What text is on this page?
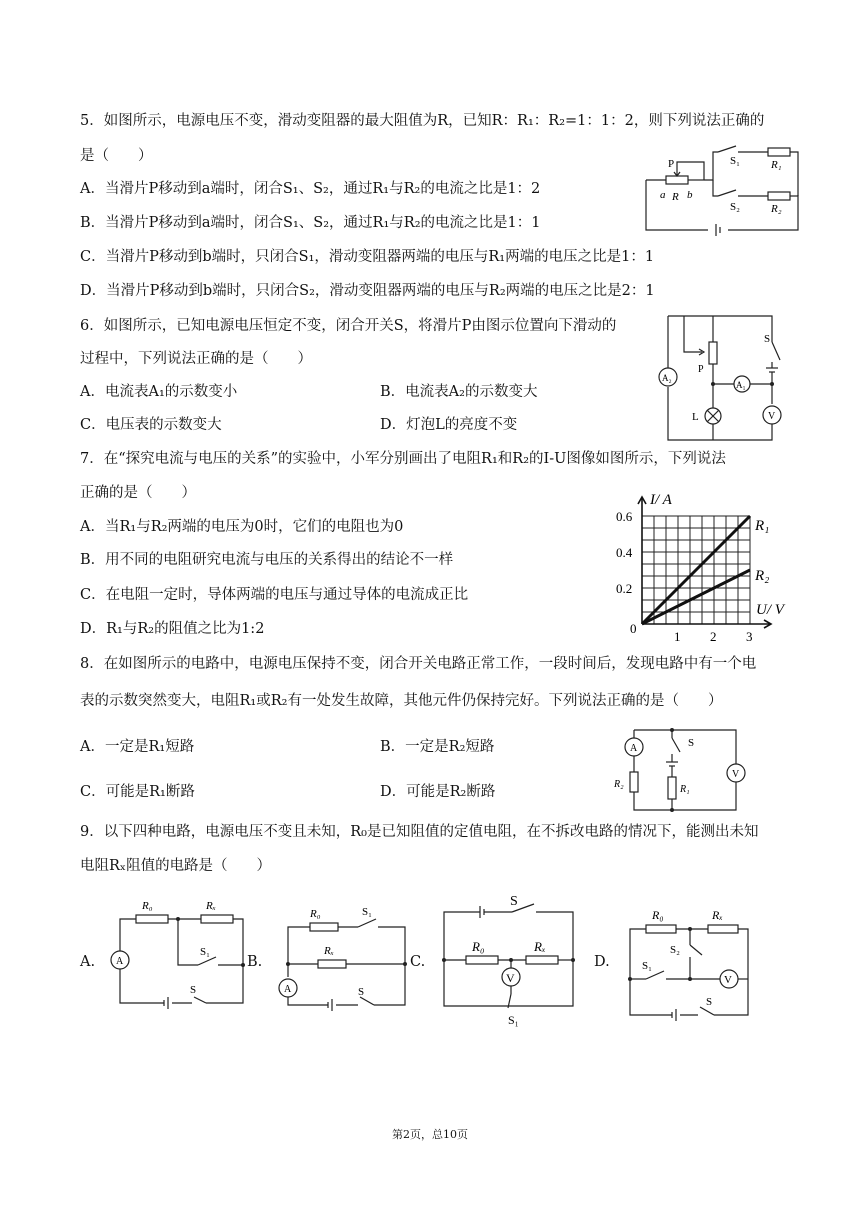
5．如图所示，电源电压不变，滑动变阻器的最大阻值为R，已知R：R₁：R₂=1：1：2，则下列说法正确的
是（　　）
A．当滑片P移动到a端时，闭合S₁、S₂，通过R₁与R₂的电流之比是1：2
B．当滑片P移动到a端时，闭合S₁、S₂，通过R₁与R₂的电流之比是1：1
C．当滑片P移动到b端时，只闭合S₁，滑动变阻器两端的电压与R₁两端的电压之比是1：1
D．当滑片P移动到b端时，只闭合S₂，滑动变阻器两端的电压与R₂两端的电压之比是2：1
P
a R b
S₁	R₁
S₂	R₂
6．如图所示，已知电源电压恒定不变，闭合开关S，将滑片P由图示位置向下滑动的
过程中，下列说法正确的是（　　）
A．电流表A₁的示数变小	B．电流表A₂的示数变大
C．电压表的示数变大	D．灯泡L的亮度不变
S
P
A₂
A₁
L	V
7．在“探究电流与电压的关系”的实验中，小军分别画出了电阻R₁和R₂的I-U图像如图所示，下列说法
正确的是（　　）
A．当R₁与R₂两端的电压为0时，它们的电阻也为0
B．用不同的电阻研究电流与电压的关系得出的结论不一样
C．在电阻一定时，导体两端的电压与通过导体的电流成正比
D．R₁与R₂的阻值之比为1:2
I/ A
U/ V
0.6
0.4
0.2
0
1 2 3
R₁
R₂
8．在如图所示的电路中，电源电压保持不变，闭合开关电路正常工作，一段时间后，发现电路中有一个电
表的示数突然变大，电阻R₁或R₂有一处发生故障，其他元件仍保持完好。下列说法正确的是（　　）
A．一定是R₁短路	B．一定是R₂短路
C．可能是R₁断路	D．可能是R₂断路
A	S
V
R₂	R₁
9．以下四种电路，电源电压不变且未知，R₀是已知阻值的定值电阻，在不拆改电路的情况下，能测出未知
电阻Rₓ阻值的电路是（　　）
A.
R₀	Rₓ
S₁
S
A	B.
R₀	S₁
Rₓ
S
A
C.
S
R₀	Rₓ
V
S₁
D.
R₀	Rₓ
S₂
S₁
V
S
第2页，总10页
